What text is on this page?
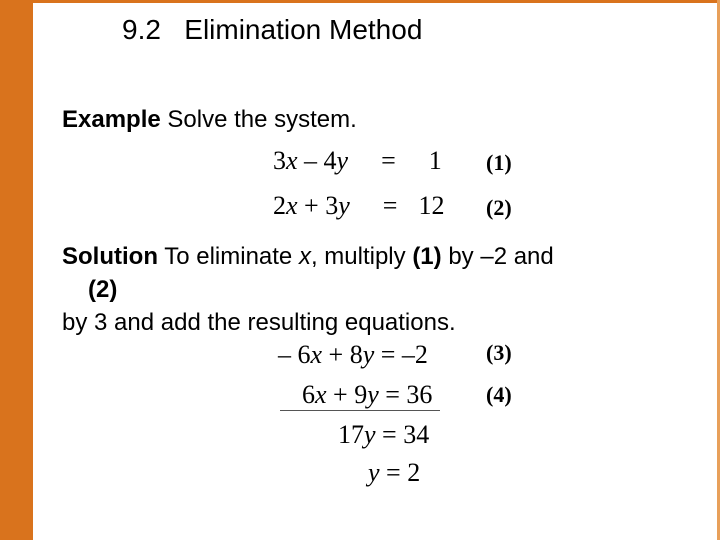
9.2   Elimination Method
Example Solve the system.
3x – 4y = 1 (1)
2x + 3y = 12 (2)
Solution To eliminate x, multiply (1) by –2 and
(2)
by 3 and add the resulting equations.
– 6x + 8y = –2	(3)
6x + 9y = 36 (4)
17y = 34
y = 2
